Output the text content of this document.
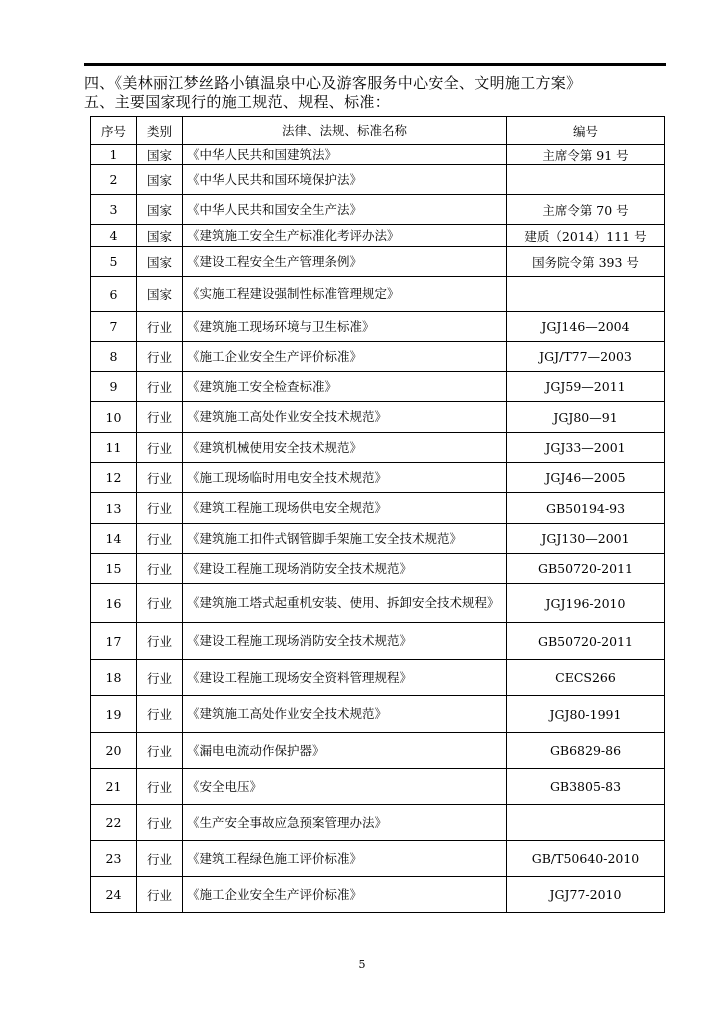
四、《美林丽江梦丝路小镇温泉中心及游客服务中心安全、文明施工方案》
五、主要国家现行的施工规范、规程、标准：
序号	类别	法律、法规、标准名称	编号
1	国家	《中华人民共和国建筑法》	主席令第 91 号
2	国家	《中华人民共和国环境保护法》	
3	国家	《中华人民共和国安全生产法》	主席令第 70 号
4	国家	《建筑施工安全生产标准化考评办法》	建质（2014）111 号
5	国家	《建设工程安全生产管理条例》	国务院令第 393 号
6	国家	《实施工程建设强制性标准管理规定》	
7	行业	《建筑施工现场环境与卫生标准》	JGJ146—2004
8	行业	《施工企业安全生产评价标准》	JGJ/T77—2003
9	行业	《建筑施工安全检查标准》	JGJ59—2011
10	行业	《建筑施工高处作业安全技术规范》	JGJ80—91
11	行业	《建筑机械使用安全技术规范》	JGJ33—2001
12	行业	《施工现场临时用电安全技术规范》	JGJ46—2005
13	行业	《建筑工程施工现场供电安全规范》	GB50194-93
14	行业	《建筑施工扣件式钢管脚手架施工安全技术规范》	JGJ130—2001
15	行业	《建设工程施工现场消防安全技术规范》	GB50720-2011
16	行业	《建筑施工塔式起重机安装、使用、拆卸安全技术规程》	JGJ196-2010
17	行业	《建设工程施工现场消防安全技术规范》	GB50720-2011
18	行业	《建设工程施工现场安全资料管理规程》	CECS266
19	行业	《建筑施工高处作业安全技术规范》	JGJ80-1991
20	行业	《漏电电流动作保护器》	GB6829-86
21	行业	《安全电压》	GB3805-83
22	行业	《生产安全事故应急预案管理办法》	
23	行业	《建筑工程绿色施工评价标准》	GB/T50640-2010
24	行业	《施工企业安全生产评价标准》	JGJ77-2010
5
